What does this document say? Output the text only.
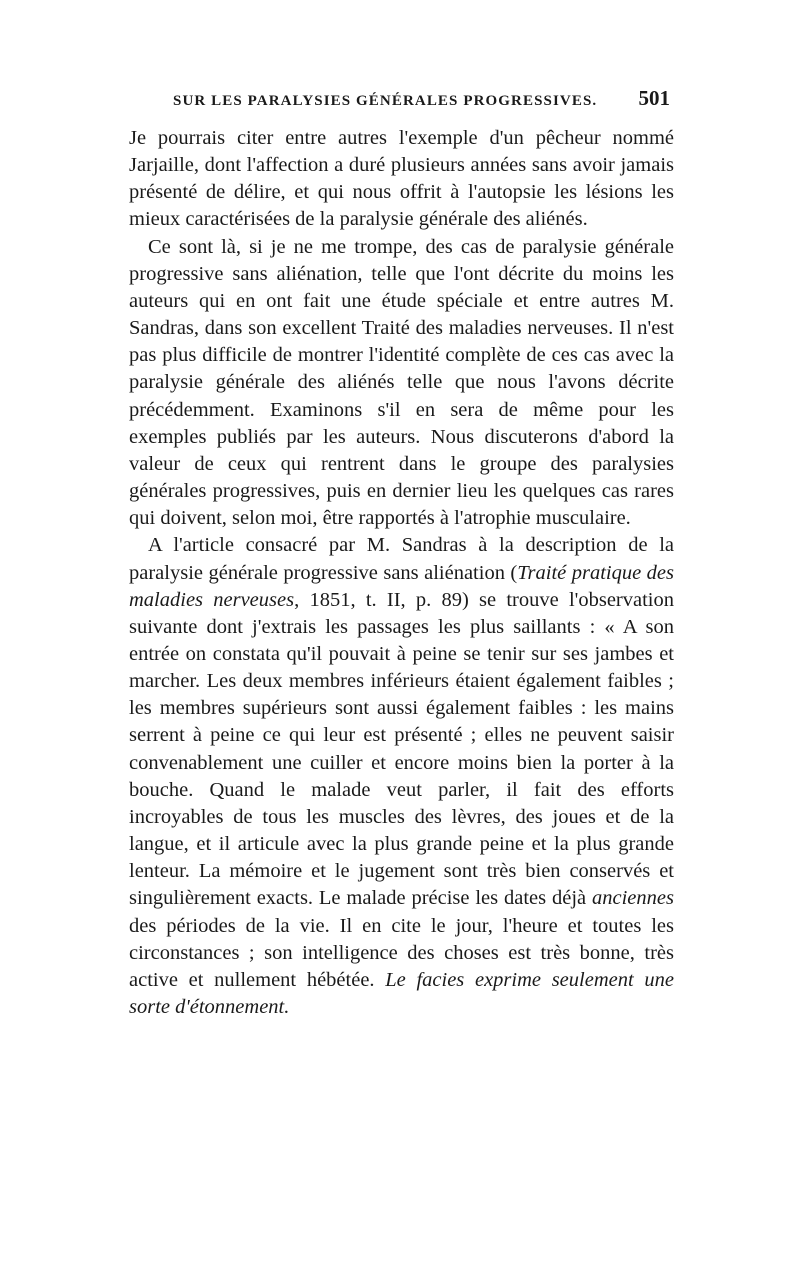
SUR LES PARALYSIES GÉNÉRALES PROGRESSIVES. 501

Je pourrais citer entre autres l'exemple d'un pêcheur nommé Jarjaille, dont l'affection a duré plusieurs années sans avoir jamais présenté de délire, et qui nous offrit à l'autopsie les lésions les mieux caractérisées de la paralysie générale des aliénés.

Ce sont là, si je ne me trompe, des cas de paralysie générale progressive sans aliénation, telle que l'ont décrite du moins les auteurs qui en ont fait une étude spéciale et entre autres M. Sandras, dans son excellent Traité des maladies nerveuses. Il n'est pas plus difficile de montrer l'identité complète de ces cas avec la paralysie générale des aliénés telle que nous l'avons décrite précédemment. Examinons s'il en sera de même pour les exemples publiés par les auteurs. Nous discuterons d'abord la valeur de ceux qui rentrent dans le groupe des paralysies générales progressives, puis en dernier lieu les quelques cas rares qui doivent, selon moi, être rapportés à l'atrophie musculaire.

A l'article consacré par M. Sandras à la description de la paralysie générale progressive sans aliénation (Traité pratique des maladies nerveuses, 1851, t. II, p. 89) se trouve l'observation suivante dont j'extrais les passages les plus saillants : « A son entrée on constata qu'il pouvait à peine se tenir sur ses jambes et marcher. Les deux membres inférieurs étaient également faibles ; les membres supérieurs sont aussi également faibles : les mains serrent à peine ce qui leur est présenté ; elles ne peuvent saisir convenablement une cuiller et encore moins bien la porter à la bouche. Quand le malade veut parler, il fait des efforts incroyables de tous les muscles des lèvres, des joues et de la langue, et il articule avec la plus grande peine et la plus grande lenteur. La mémoire et le jugement sont très bien conservés et singulièrement exacts. Le malade précise les dates déjà anciennes des périodes de la vie. Il en cite le jour, l'heure et toutes les circonstances ; son intelligence des choses est très bonne, très active et nullement hébétée. Le facies exprime seulement une sorte d'étonnement.
